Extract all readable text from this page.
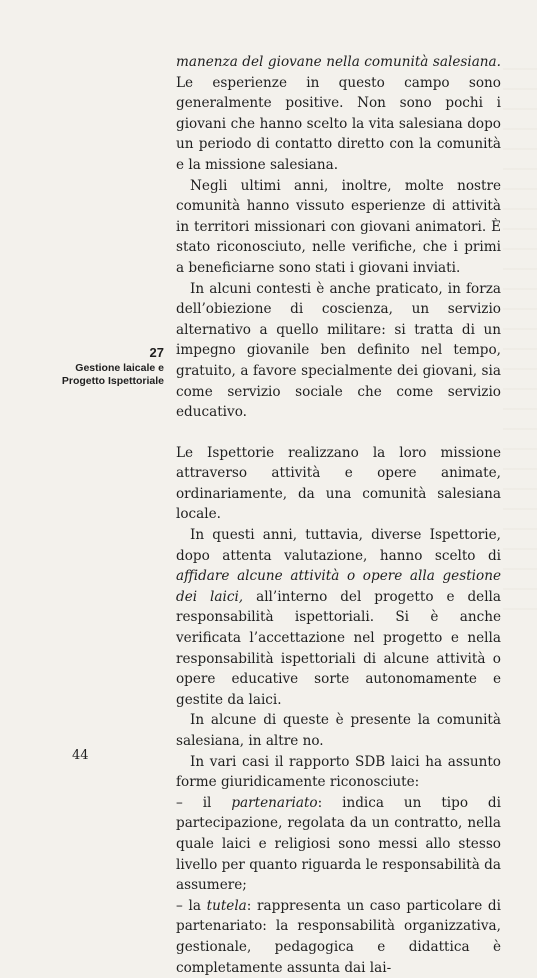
manenza del giovane nella comunità salesiana. Le esperienze in questo campo sono generalmente positive. Non sono pochi i giovani che hanno scelto la vita salesiana dopo un periodo di contatto diretto con la comunità e la missione salesiana.

Negli ultimi anni, inoltre, molte nostre comunità hanno vissuto esperienze di attività in territori missionari con giovani animatori. È stato riconosciuto, nelle verifiche, che i primi a beneficiarne sono stati i giovani inviati.

In alcuni contesti è anche praticato, in forza dell’obiezione di coscienza, un servizio alternativo a quello militare: si tratta di un impegno giovanile ben definito nel tempo, gratuito, a favore specialmente dei giovani, sia come servizio sociale che come servizio educativo.

Le Ispettorie realizzano la loro missione attraverso attività e opere animate, ordinariamente, da una comunità salesiana locale.

In questi anni, tuttavia, diverse Ispettorie, dopo attenta valutazione, hanno scelto di affidare alcune attività o opere alla gestione dei laici, all’interno del progetto e della responsabilità ispettoriali. Si è anche verificata l’accettazione nel progetto e nella responsabilità ispettoriali di alcune attività o opere educative sorte autonomamente e gestite da laici.

In alcune di queste è presente la comunità salesiana, in altre no.

In vari casi il rapporto SDB laici ha assunto forme giuridicamente riconosciute:

– il partenariato: indica un tipo di partecipazione, regolata da un contratto, nella quale laici e religiosi sono messi allo stesso livello per quanto riguarda le responsabilità da assumere;

– la tutela: rappresenta un caso particolare di partenariato: la responsabilità organizzativa, gestionale, pedagogica e didattica è completamente assunta dai lai-

27
Gestione laicale e Progetto Ispettoriale
44
